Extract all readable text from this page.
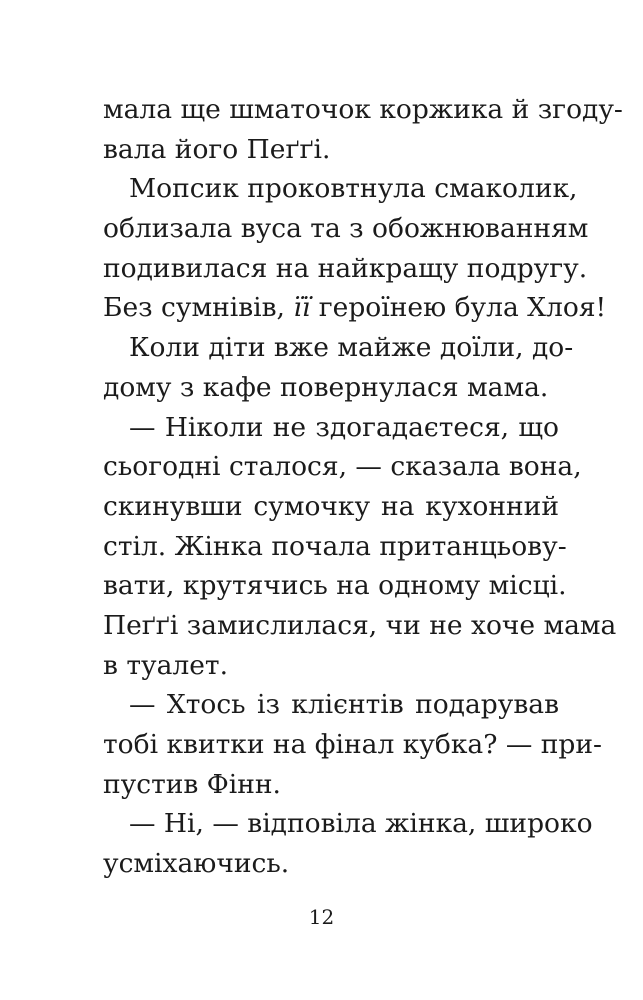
мала ще шматочок коржика й згоду-
вала його Пеґґі.
Мопсик проковтнула смаколик,
облизала вуса та з обожнюванням
подивилася на найкращу подругу.
Без сумнівів, її героїнею була Хлоя!
Коли діти вже майже доїли, до-
дому з кафе повернулася мама.
— Ніколи не здогадаєтеся, що
сьогодні сталося, — сказала вона,
скинувши сумочку на кухонний
стіл. Жінка почала пританцьову-
вати, крутячись на одному місці.
Пеґґі замислилася, чи не хоче мама
в туалет.
— Хтось із клієнтів подарував
тобі квитки на фінал кубка? — при-
пустив Фінн.
— Ні, — відповіла жінка, широко
усміхаючись.
12
